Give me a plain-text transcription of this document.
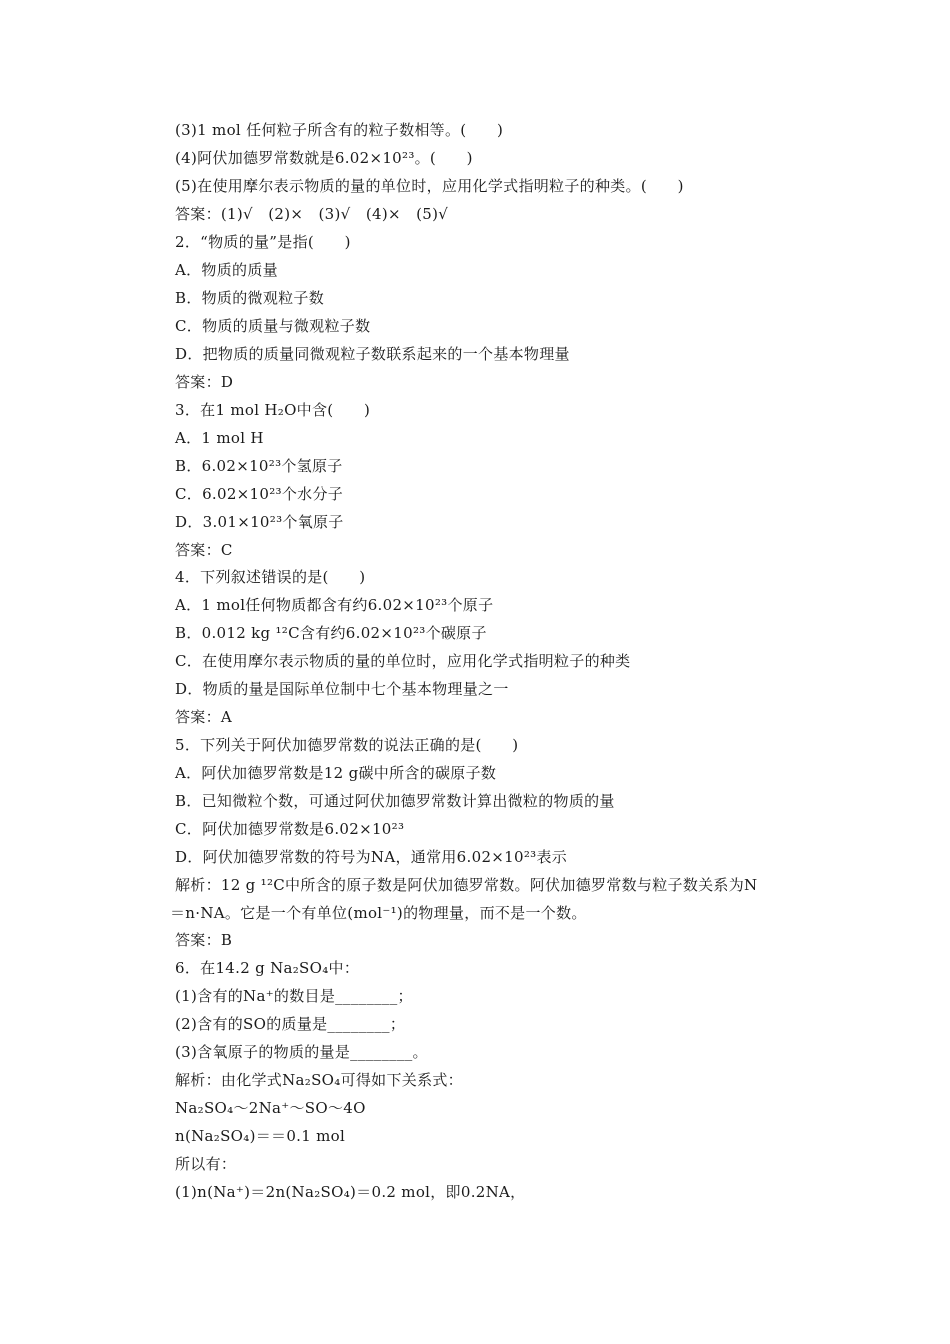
(3)1 mol 任何粒子所含有的粒子数相等。(　　)
(4)阿伏加德罗常数就是6.02×10²³。(　　)
(5)在使用摩尔表示物质的量的单位时，应用化学式指明粒子的种类。(　　)
答案：(1)√　(2)×　(3)√　(4)×　(5)√
2．“物质的量”是指(　　)
A．物质的质量
B．物质的微观粒子数
C．物质的质量与微观粒子数
D．把物质的质量同微观粒子数联系起来的一个基本物理量
答案：D
3．在1 mol H₂O中含(　　)
A．1 mol H
B．6.02×10²³个氢原子
C．6.02×10²³个水分子
D．3.01×10²³个氧原子
答案：C
4．下列叙述错误的是(　　)
A．1 mol任何物质都含有约6.02×10²³个原子
B．0.012 kg ¹²C含有约6.02×10²³个碳原子
C．在使用摩尔表示物质的量的单位时，应用化学式指明粒子的种类
D．物质的量是国际单位制中七个基本物理量之一
答案：A
5．下列关于阿伏加德罗常数的说法正确的是(　　)
A．阿伏加德罗常数是12 g碳中所含的碳原子数
B．已知微粒个数，可通过阿伏加德罗常数计算出微粒的物质的量
C．阿伏加德罗常数是6.02×10²³
D．阿伏加德罗常数的符号为NA，通常用6.02×10²³表示
解析：12 g ¹²C中所含的原子数是阿伏加德罗常数。阿伏加德罗常数与粒子数关系为N
＝n·NA。它是一个有单位(mol⁻¹)的物理量，而不是一个数。
答案：B
6．在14.2 g Na₂SO₄中：
(1)含有的Na⁺的数目是________；
(2)含有的SO的质量是________；
(3)含氧原子的物质的量是________。
解析：由化学式Na₂SO₄可得如下关系式：
Na₂SO₄～2Na⁺～SO～4O
n(Na₂SO₄)＝＝0.1 mol
所以有：
(1)n(Na⁺)＝2n(Na₂SO₄)＝0.2 mol，即0.2NA，
